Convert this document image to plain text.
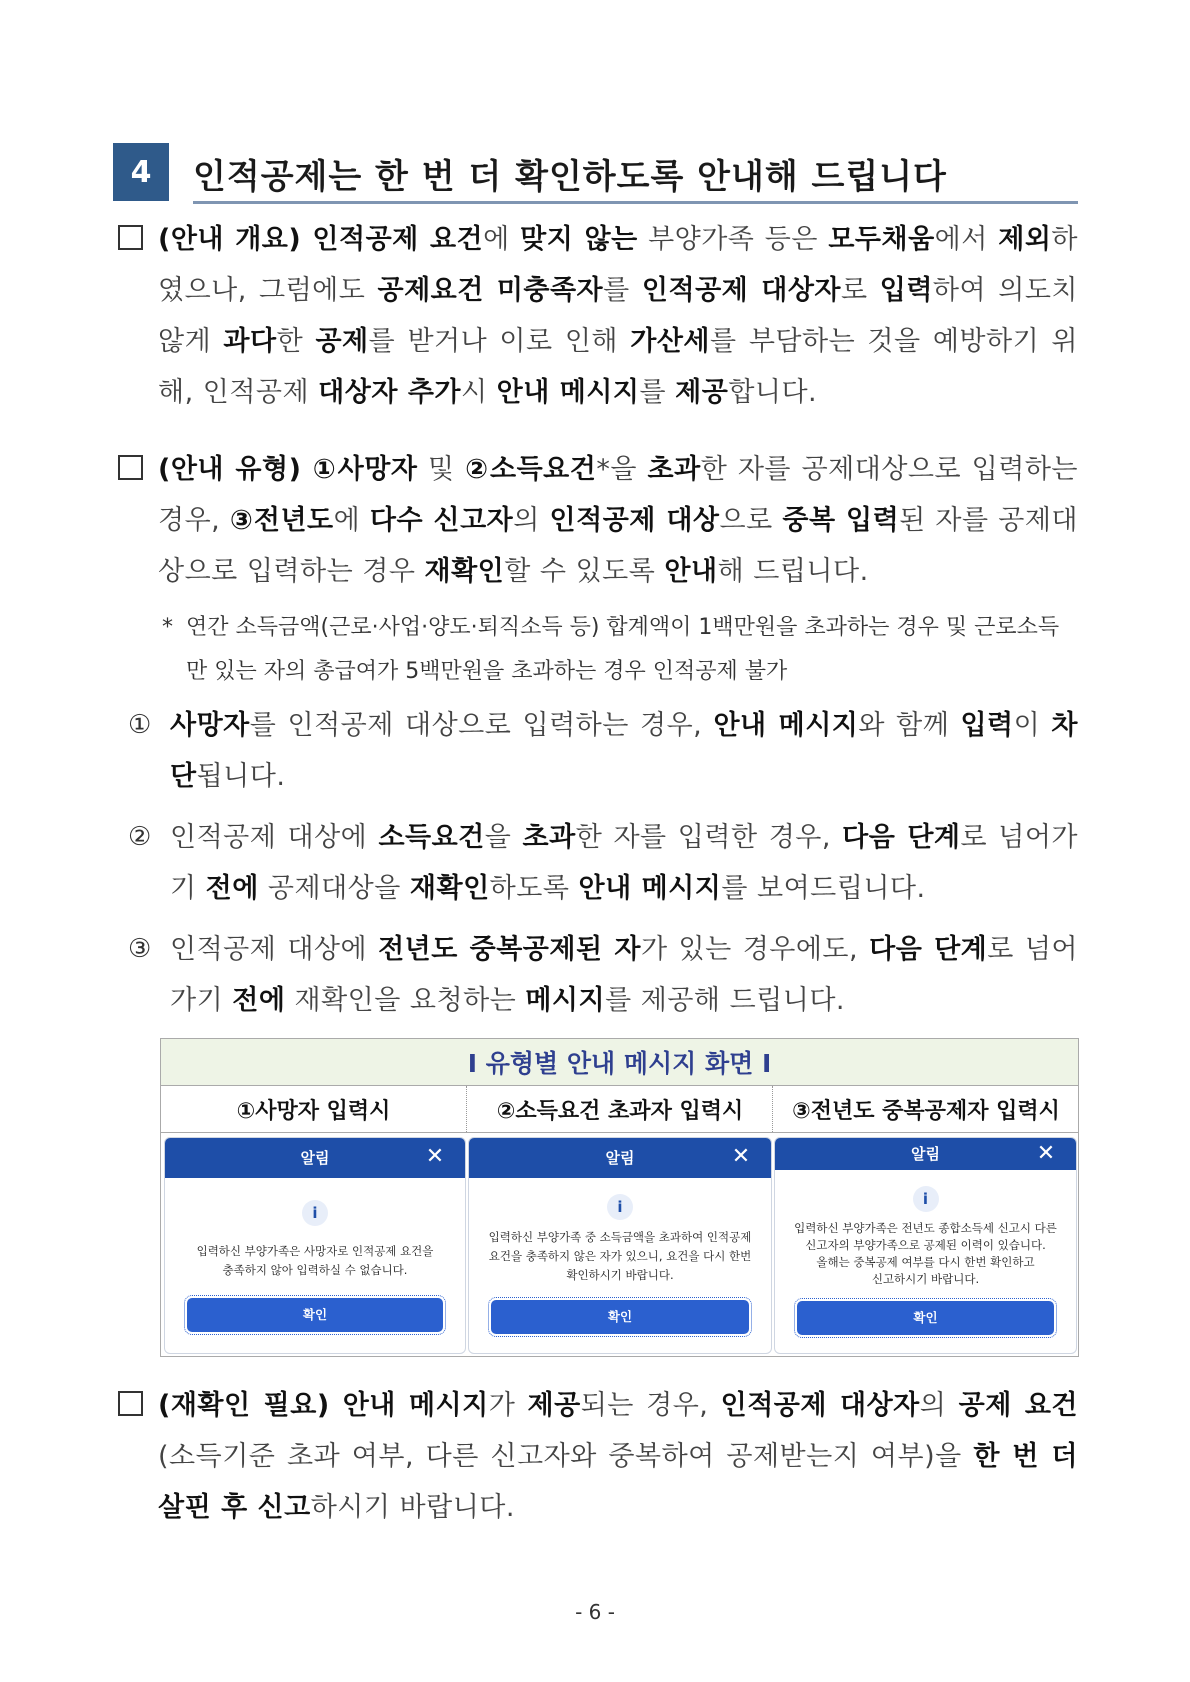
4	인적공제는 한 번 더 확인하도록 안내해 드립니다
(안내 개요) 인적공제 요건에 맞지 않는 부양가족 등은 모두채움에서 제외하였으나, 그럼에도 공제요건 미충족자를 인적공제 대상자로 입력하여 의도치 않게 과다한 공제를 받거나 이로 인해 가산세를 부담하는 것을 예방하기 위해, 인적공제 대상자 추가시 안내 메시지를 제공합니다.
(안내 유형) ①사망자 및 ②소득요건*을 초과한 자를 공제대상으로 입력하는 경우, ③전년도에 다수 신고자의 인적공제 대상으로 중복 입력된 자를 공제대상으로 입력하는 경우 재확인할 수 있도록 안내해 드립니다.
* 연간 소득금액(근로·사업·양도·퇴직소득 등) 합계액이 1백만원을 초과하는 경우 및 근로소득만 있는 자의 총급여가 5백만원을 초과하는 경우 인적공제 불가
① 사망자를 인적공제 대상으로 입력하는 경우, 안내 메시지와 함께 입력이 차단됩니다.
② 인적공제 대상에 소득요건을 초과한 자를 입력한 경우, 다음 단계로 넘어가기 전에 공제대상을 재확인하도록 안내 메시지를 보여드립니다.
③ 인적공제 대상에 전년도 중복공제된 자가 있는 경우에도, 다음 단계로 넘어가기 전에 재확인을 요청하는 메시지를 제공해 드립니다.
I 유형별 안내 메시지 화면 I
①사망자 입력시	②소득요건 초과자 입력시	③전년도 중복공제자 입력시
알림	✕
i
입력하신 부양가족은 사망자로 인적공제 요건을
충족하지 않아 입력하실 수 없습니다.
확인
알림	✕
i
입력하신 부양가족 중 소득금액을 초과하여 인적공제
요건을 충족하지 않은 자가 있으니, 요건을 다시 한번
확인하시기 바랍니다.
확인
알림	✕
i
입력하신 부양가족은 전년도 종합소득세 신고시 다른
신고자의 부양가족으로 공제된 이력이 있습니다.
올해는 중복공제 여부를 다시 한번 확인하고
신고하시기 바랍니다.
확인
(재확인 필요) 안내 메시지가 제공되는 경우, 인적공제 대상자의 공제 요건(소득기준 초과 여부, 다른 신고자와 중복하여 공제받는지 여부)을 한 번 더 살핀 후 신고하시기 바랍니다.
- 6 -
